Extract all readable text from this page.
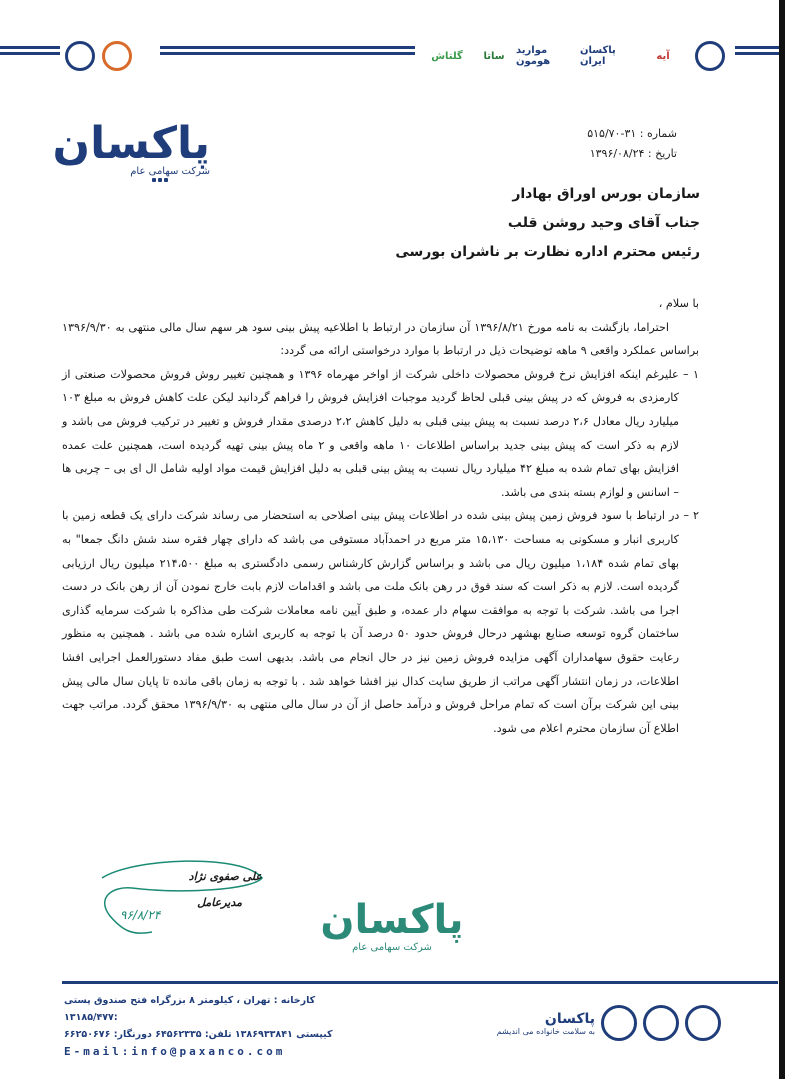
گلتاش ساتا موارید هومون
پاکسان ایران	آیه
پاکسان
شرکت سهامی عام
شماره : ۳۱-۵۱۵/۷۰
تاریخ : ۱۳۹۶/۰۸/۲۴
سازمان بورس اوراق بهادار
جناب آقای وحید روشن قلب
رئیس محترم اداره نظارت بر ناشران بورسی

با سلام ،

احتراما، بازگشت به نامه مورخ ۱۳۹۶/۸/۲۱ آن سازمان در ارتباط با اطلاعیه پیش بینی سود هر سهم سال مالی منتهی به ۱۳۹۶/۹/۳۰ براساس عملکرد واقعی ۹ ماهه توضیحات ذیل در ارتباط با موارد درخواستی ارائه می گردد:

۱ – علیرغم اینکه افزایش نرخ فروش محصولات داخلی شرکت از اواخر مهرماه ۱۳۹۶ و همچنین تغییر روش فروش محصولات صنعتی از کارمزدی به فروش که در پیش بینی قبلی لحاظ گردید موجبات افزایش فروش را فراهم گردانید لیکن علت کاهش فروش به مبلغ ۱۰۳ میلیارد ریال معادل ۲،۶ درصد نسبت به پیش بینی قبلی به دلیل کاهش ۲،۲ درصدی مقدار فروش و تغییر در ترکیب فروش می باشد و لازم به ذکر است که پیش بینی جدید براساس اطلاعات ۱۰ ماهه واقعی و ۲ ماه پیش بینی تهیه گردیده است، همچنین علت عمده افزایش بهای تمام شده به مبلغ ۴۲ میلیارد ریال نسبت به پیش بینی قبلی به دلیل افزایش قیمت مواد اولیه شامل ال ای بی – چربی ها – اسانس و لوازم بسته بندی می باشد.

۲ – در ارتباط با سود فروش زمین پیش بینی شده در اطلاعات پیش بینی اصلاحی به استحضار می رساند شرکت دارای یک قطعه زمین با کاربری انبار و مسکونی به مساحت ۱۵،۱۳۰ متر مربع در احمدآباد مستوفی می باشد که دارای چهار فقره سند شش دانگ جمعا" به بهای تمام شده ۱،۱۸۴ میلیون ریال می باشد و براساس گزارش کارشناس رسمی دادگستری به مبلغ ۲۱۴،۵۰۰ میلیون ریال ارزیابی گردیده است. لازم به ذکر است که سند فوق در رهن بانک ملت می باشد و اقدامات لازم بابت خارج نمودن آن از رهن بانک در دست اجرا می باشد. شرکت با توجه به موافقت سهام دار عمده، و طبق آیین نامه معاملات شرکت طی مذاکره با شرکت سرمایه گذاری ساختمان گروه توسعه صنایع بهشهر درحال فروش حدود ۵۰ درصد آن با توجه به کاربری اشاره شده می باشد . همچنین به منظور رعایت حقوق سهامداران آگهی مزایده فروش زمین نیز در حال انجام می باشد. بدیهی است طبق مفاد دستورالعمل اجرایی افشا اطلاعات، در زمان انتشار آگهی مراتب از طریق سایت کدال نیز افشا خواهد شد . با توجه به زمان باقی مانده تا پایان سال مالی پیش بینی این شرکت برآن است که تمام مراحل فروش و درآمد حاصل از آن در سال مالی منتهی به ۱۳۹۶/۹/۳۰ محقق گردد. مراتب جهت اطلاع آن سازمان محترم اعلام می شود.

علی صفوی نژاد
مدیرعامل
۹۶/۸/۲۴	پاکسان
شرکت سهامی عام
کارخانه : تهران ، کیلومتر ۸ بزرگراه فتح صندوق پستی :۱۳۱۸۵/۴۷۷
کیپستی ۱۳۸۶۹۳۳۸۴۱ تلفن: ۶۴۵۶۲۳۳۵ دورنگار: ۶۶۲۵۰۶۷۶
E-mail:info@paxanco.com
پاکسان
به سلامت خانواده می اندیشم
